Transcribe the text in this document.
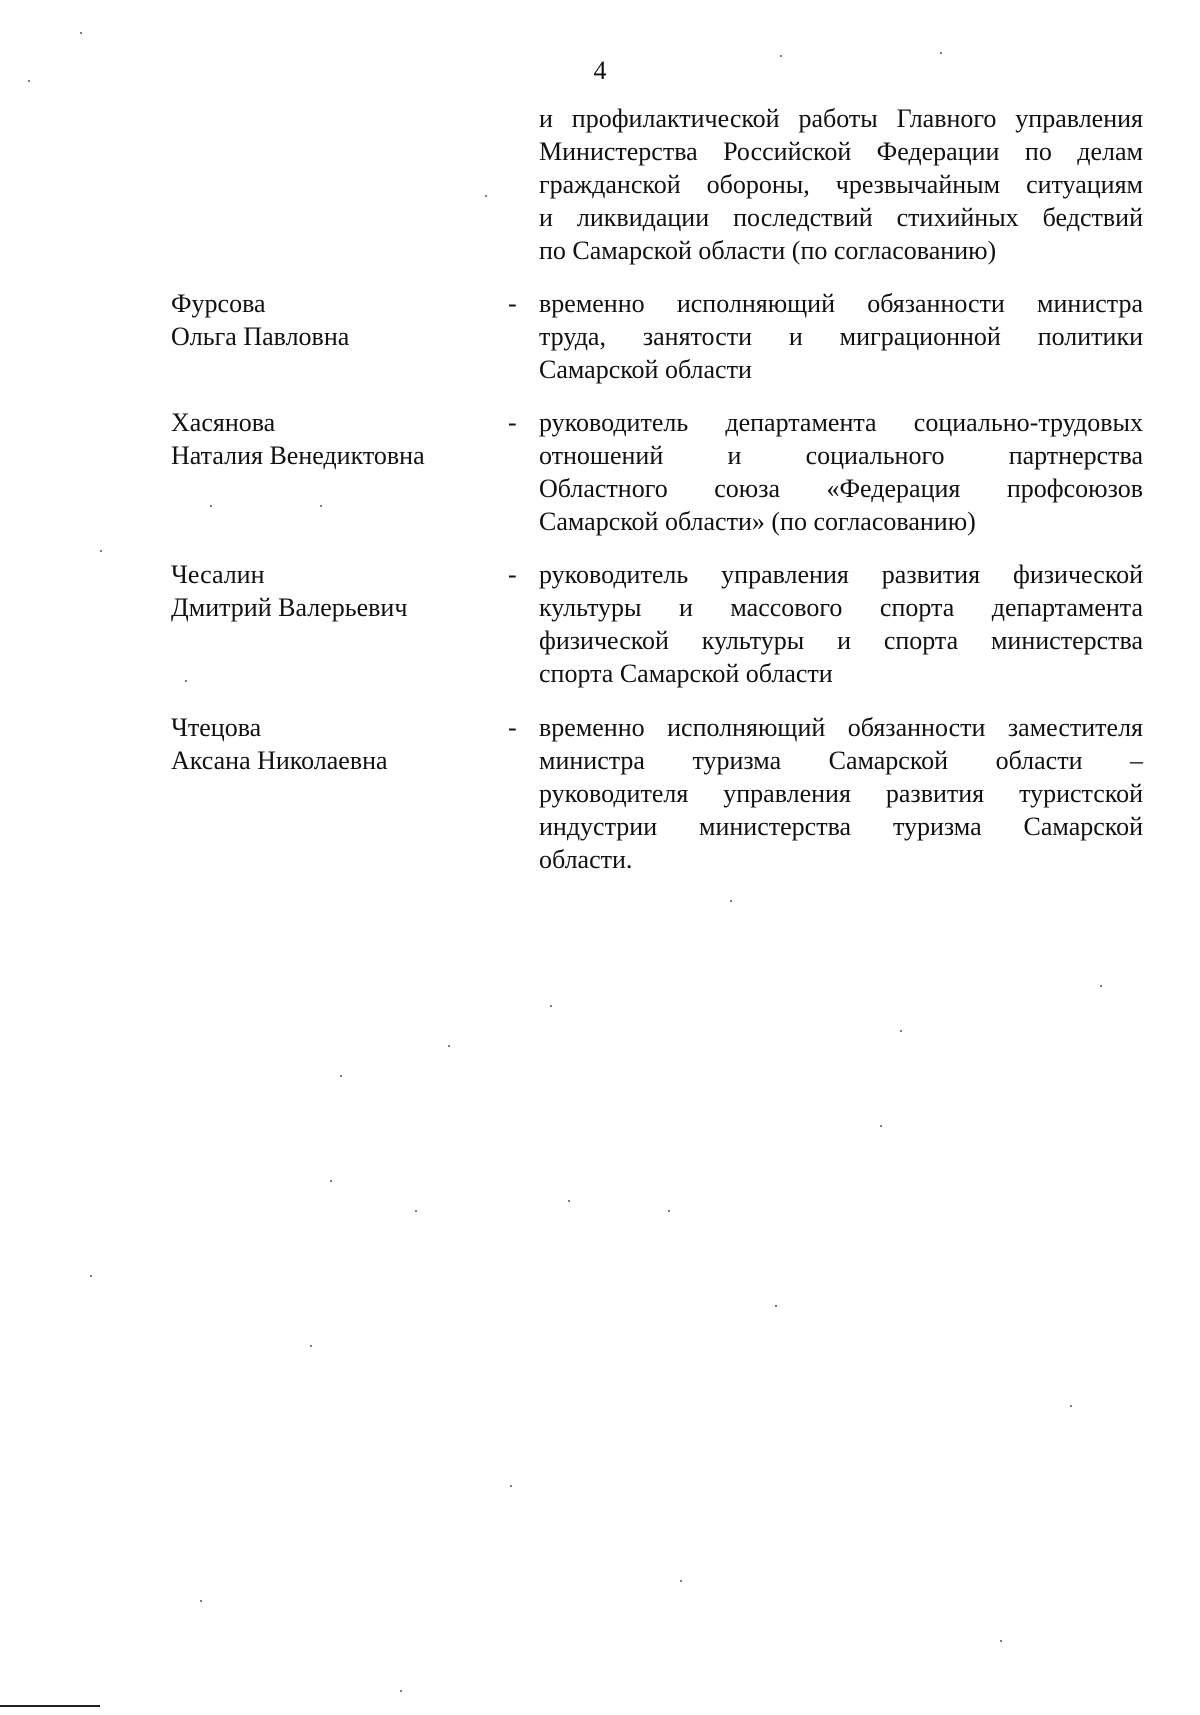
4
и профилактической работы Главного управления
Министерства Российской Федерации по делам
гражданской обороны, чрезвычайным ситуациям
и ликвидации последствий стихийных бедствий
по Самарской области (по согласованию)
Фурсова
Ольга Павловна
- временно исполняющий обязанности министра
труда, занятости и миграционной политики
Самарской области
Хасянова
Наталия Венедиктовна
- руководитель департамента социально-трудовых
отношений и социального партнерства
Областного союза «Федерация профсоюзов
Самарской области» (по согласованию)
Чесалин
Дмитрий Валерьевич
- руководитель управления развития физической
культуры и массового спорта департамента
физической культуры и спорта министерства
спорта Самарской области
Чтецова
Аксана Николаевна
- временно исполняющий обязанности заместителя
министра туризма Самарской области –
руководителя управления развития туристской
индустрии министерства туризма Самарской
области.
